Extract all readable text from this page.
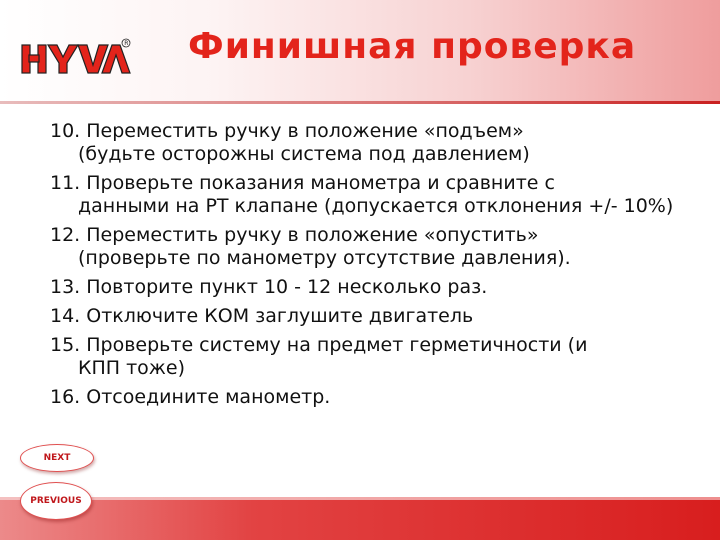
R Финишная проверка
10. Переместить ручку в положение «подъем»
(будьте осторожны система под давлением)
11. Проверьте показания манометра и сравните с
данными на РТ клапане (допускается отклонения +/- 10%)
12. Переместить ручку в положение «опустить»
(проверьте по манометру отсутствие давления).
13. Повторите пункт 10 - 12 несколько раз.
14. Отключите КОМ заглушите двигатель
15. Проверьте систему на предмет герметичности (и
КПП тоже)
16. Отсоедините манометр.
NEXT
PREVIOUS
